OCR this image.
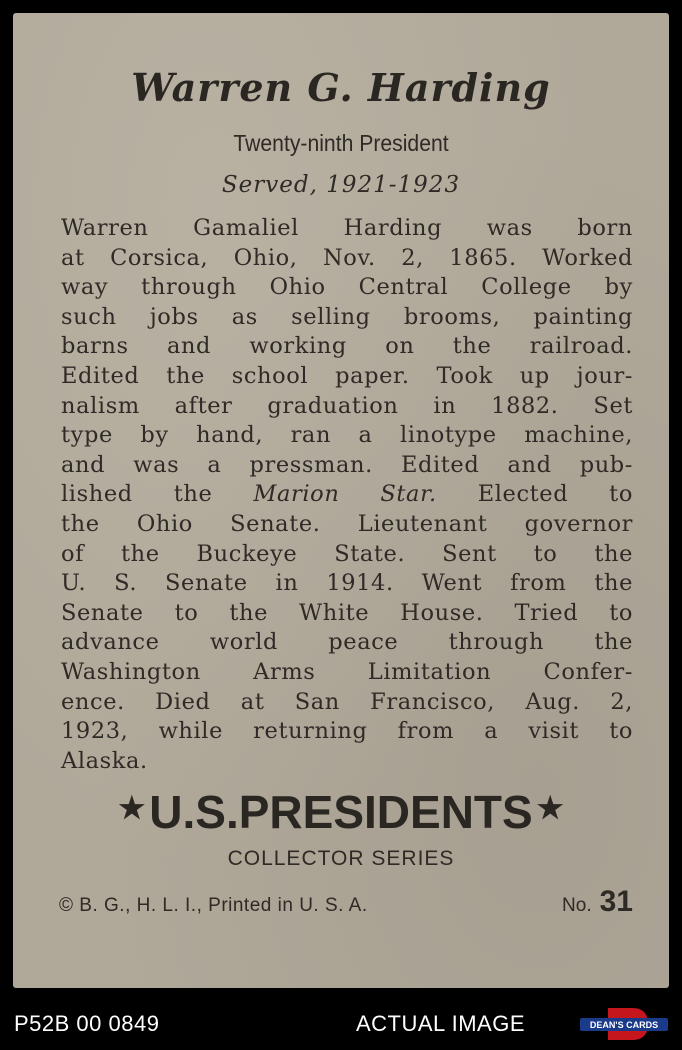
Warren G. Harding
Twenty-ninth President
Served, 1921-1923
Warren Gamaliel Harding was born
at Corsica, Ohio, Nov. 2, 1865. Worked
way through Ohio Central College by
such jobs as selling brooms, painting
barns and working on the railroad.
Edited the school paper. Took up jour-
nalism after graduation in 1882. Set
type by hand, ran a linotype machine,
and was a pressman. Edited and pub-
lished the Marion Star. Elected to
the Ohio Senate. Lieutenant governor
of the Buckeye State. Sent to the
U. S. Senate in 1914. Went from the
Senate to the White House. Tried to
advance world peace through the
Washington Arms Limitation Confer-
ence. Died at San Francisco, Aug. 2,
1923, while returning from a visit to
Alaska.
★U.S.PRESIDENTS ★
COLLECTOR SERIES
© B. G., H. L. I., Printed in U. S. A.	No. 31
P52B 00 0849	ACTUAL IMAGE	DEAN'S CARDS
